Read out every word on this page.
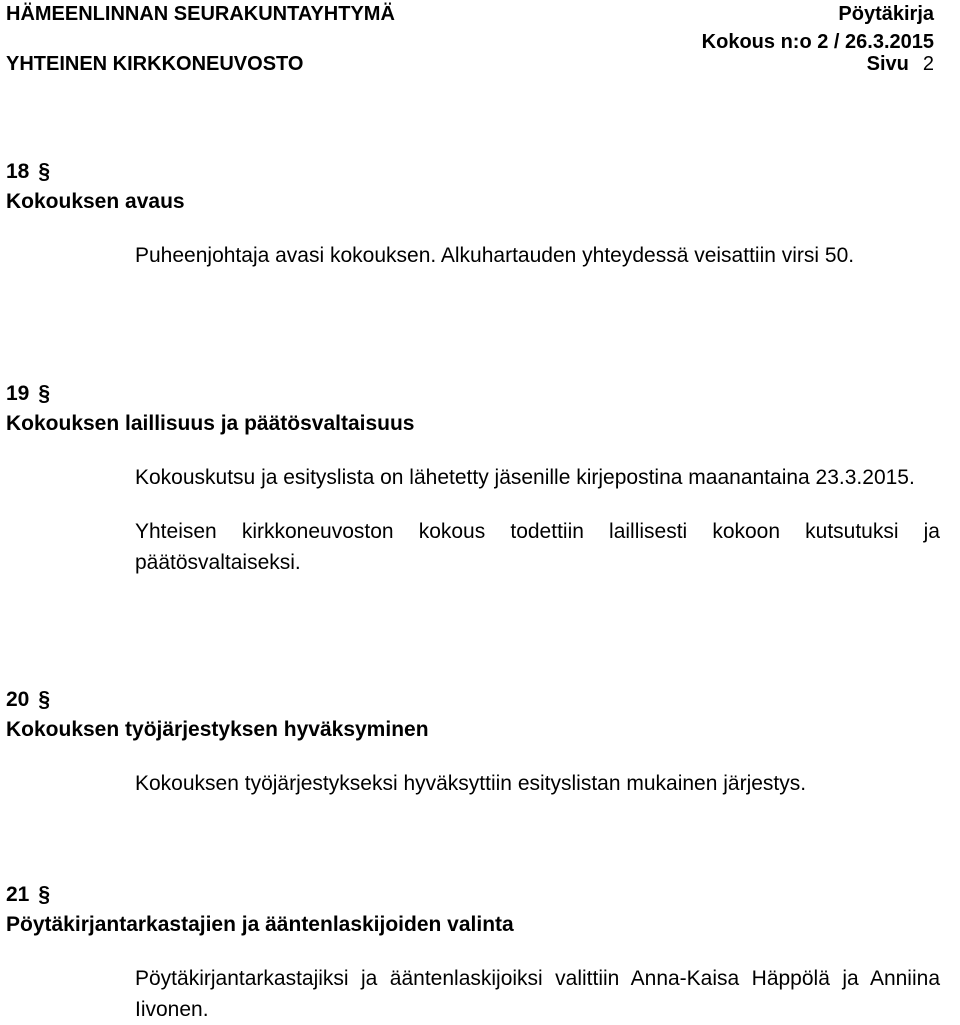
HÄMEENLINNAN SEURAKUNTAYHTYMÄ	Pöytäkirja
Kokous n:o 2 / 26.3.2015
YHTEINEN KIRKKONEUVOSTO	Sivu 2
18 §
Kokouksen avaus
Puheenjohtaja avasi kokouksen. Alkuhartauden yhteydessä veisattiin virsi 50.
19 §
Kokouksen laillisuus ja päätösvaltaisuus
Kokouskutsu ja esityslista on lähetetty jäsenille kirjepostina maanantaina 23.3.2015.
Yhteisen kirkkoneuvoston kokous todettiin laillisesti kokoon kutsutuksi ja päätösvaltaiseksi.
20 §
Kokouksen työjärjestyksen hyväksyminen
Kokouksen työjärjestykseksi hyväksyttiin esityslistan mukainen järjestys.
21 §
Pöytäkirjantarkastajien ja ääntenlaskijoiden valinta
Pöytäkirjantarkastajiksi ja ääntenlaskijoiksi valittiin Anna-Kaisa Häppölä ja Anniina Iivonen.
